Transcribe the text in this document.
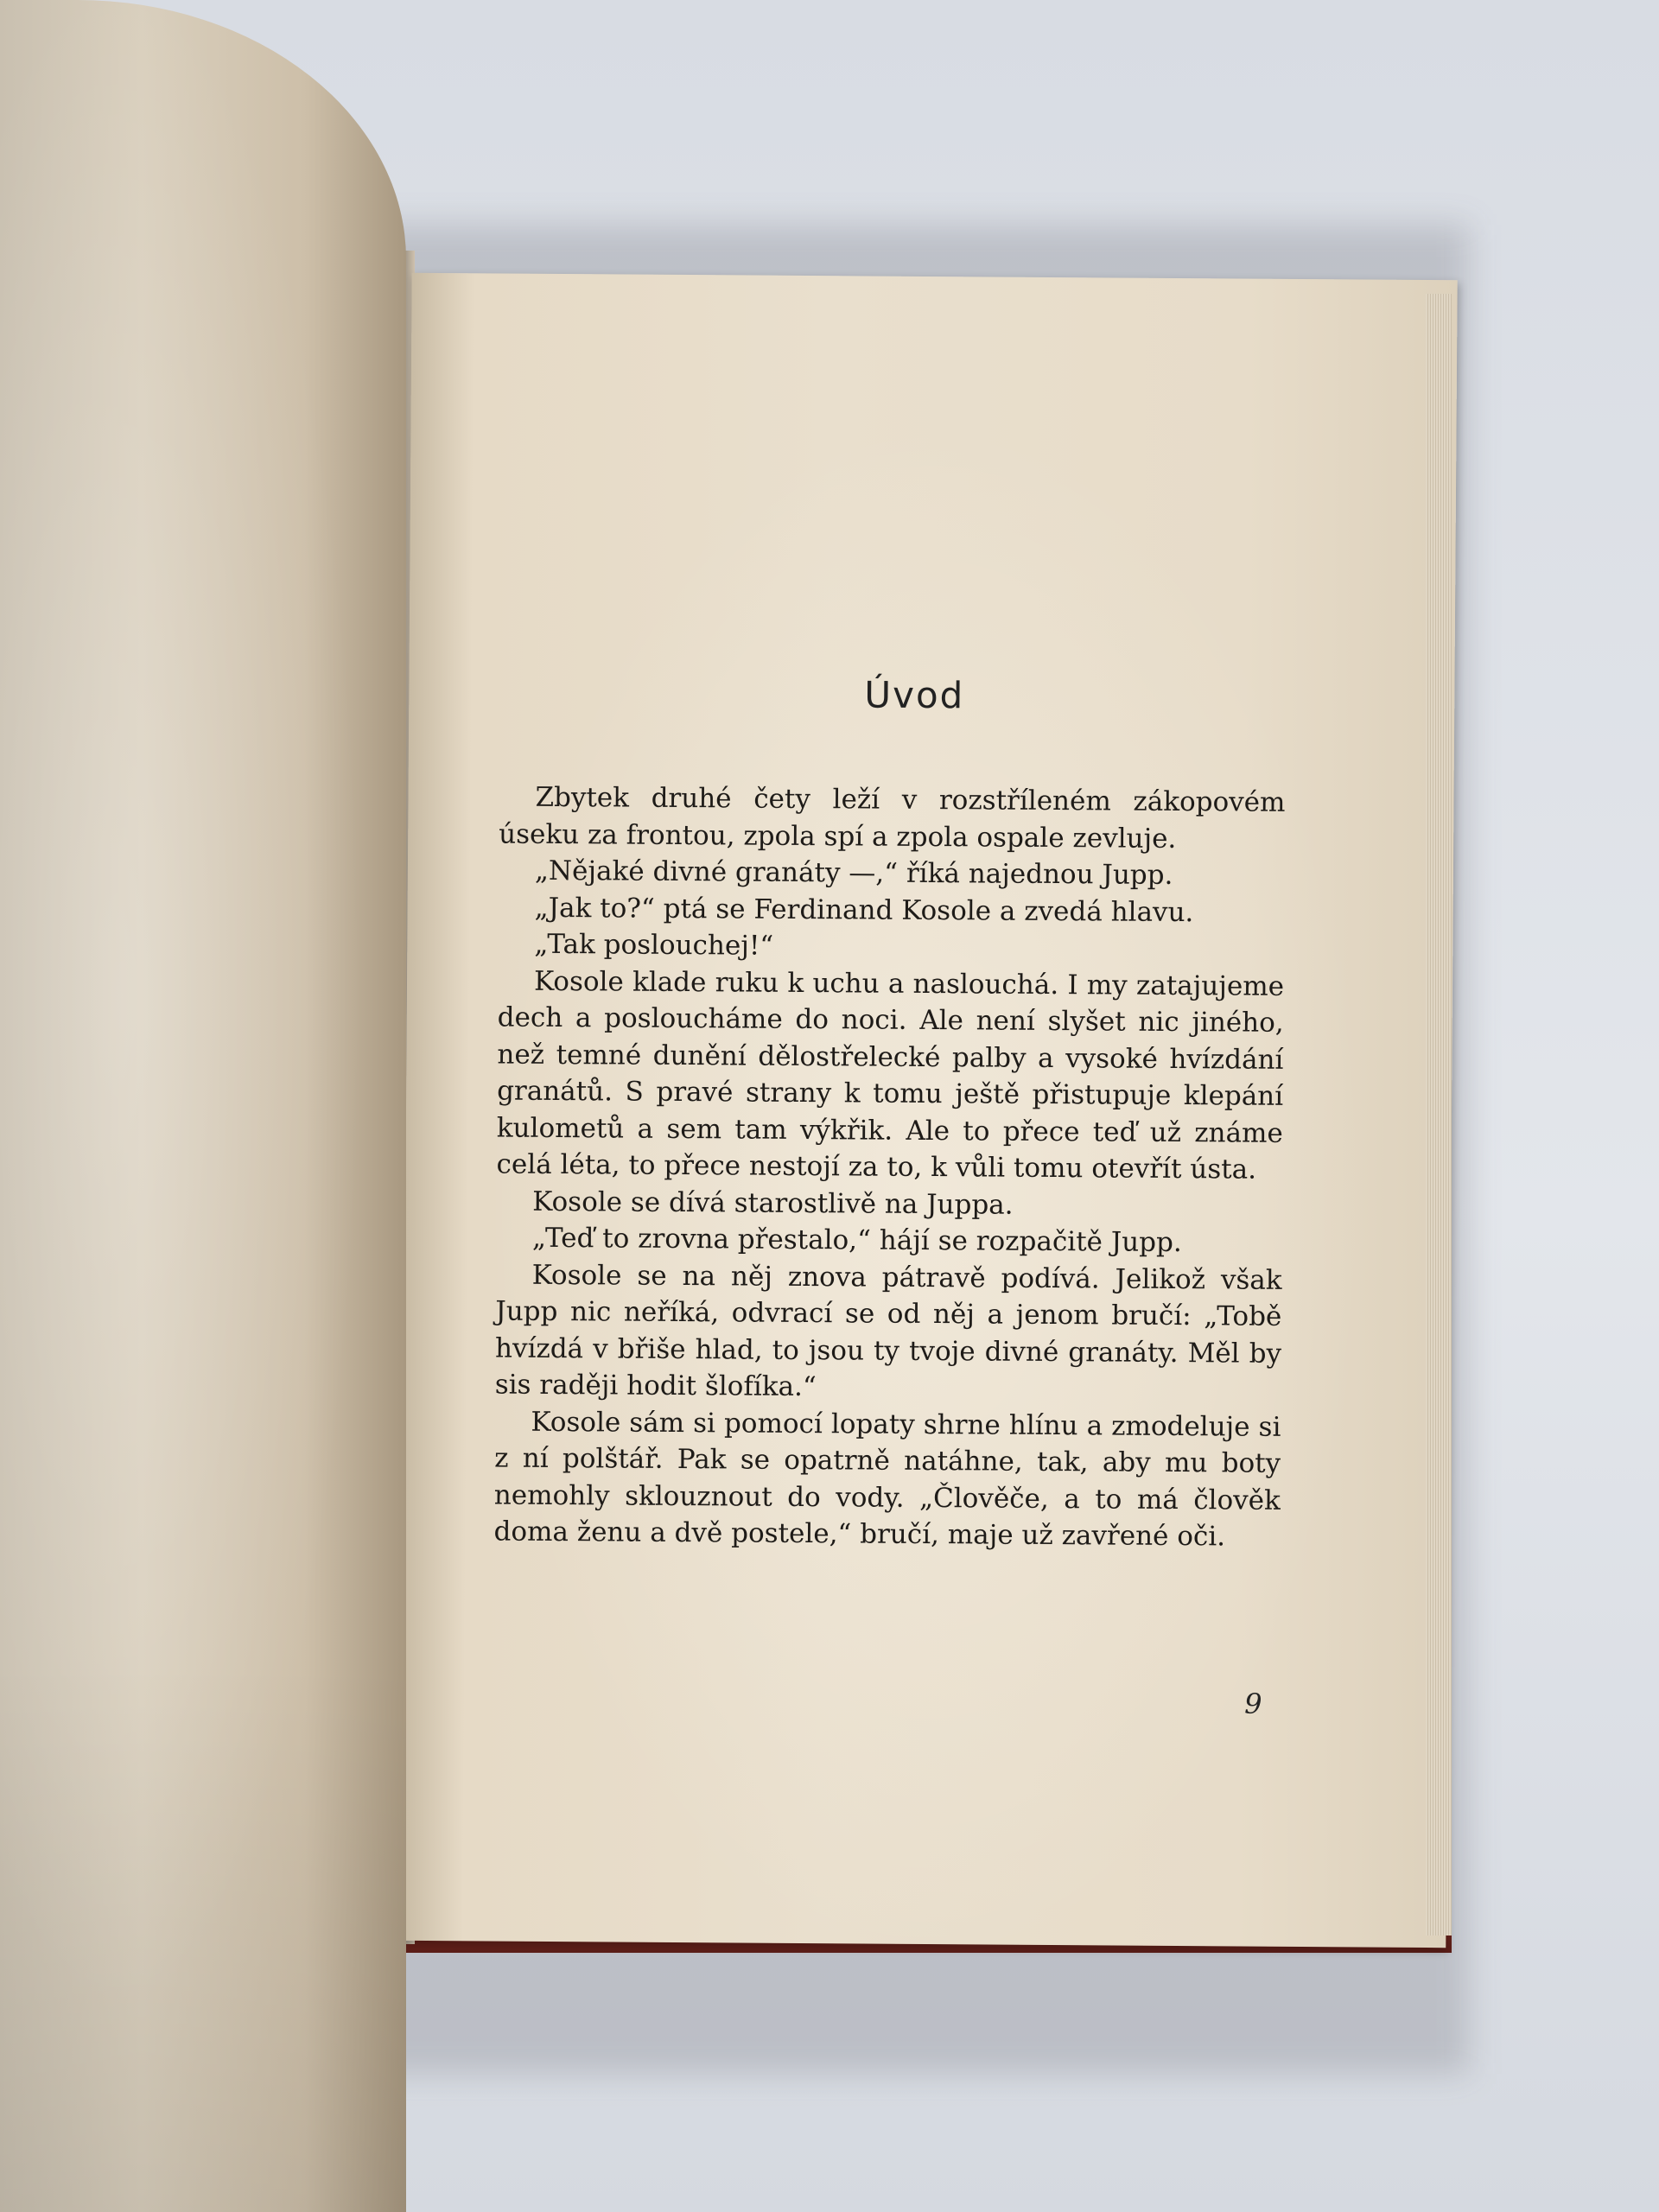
Úvod

Zbytek druhé čety leží v rozstříleném zákopovém úseku za frontou, zpola spí a zpola ospale zevluje.

„Nějaké divné granáty —,“ říká najednou Jupp.

„Jak to?“ ptá se Ferdinand Kosole a zvedá hlavu.

„Tak poslouchej!“

Kosole klade ruku k uchu a naslouchá. I my zatajujeme dech a posloucháme do noci. Ale není slyšet nic jiného, než temné dunění dělostřelecké palby a vysoké hvízdání granátů. S pravé strany k tomu ještě přistupuje klepání kulometů a sem tam výkřik. Ale to přece teď už známe celá léta, to přece nestojí za to, k vůli tomu otevřít ústa.

Kosole se dívá starostlivě na Juppa.

„Teď to zrovna přestalo,“ hájí se rozpačitě Jupp.

Kosole se na něj znova pátravě podívá. Jelikož však Jupp nic neříká, odvrací se od něj a jenom bručí: „Tobě hvízdá v břiše hlad, to jsou ty tvoje divné granáty. Měl by sis raději hodit šlofíka.“

Kosole sám si pomocí lopaty shrne hlínu a zmodeluje si z ní polštář. Pak se opatrně natáhne, tak, aby mu boty nemohly sklouznout do vody. „Člověče, a to má člověk doma ženu a dvě postele,“ bručí, maje už zavřené oči.

9
